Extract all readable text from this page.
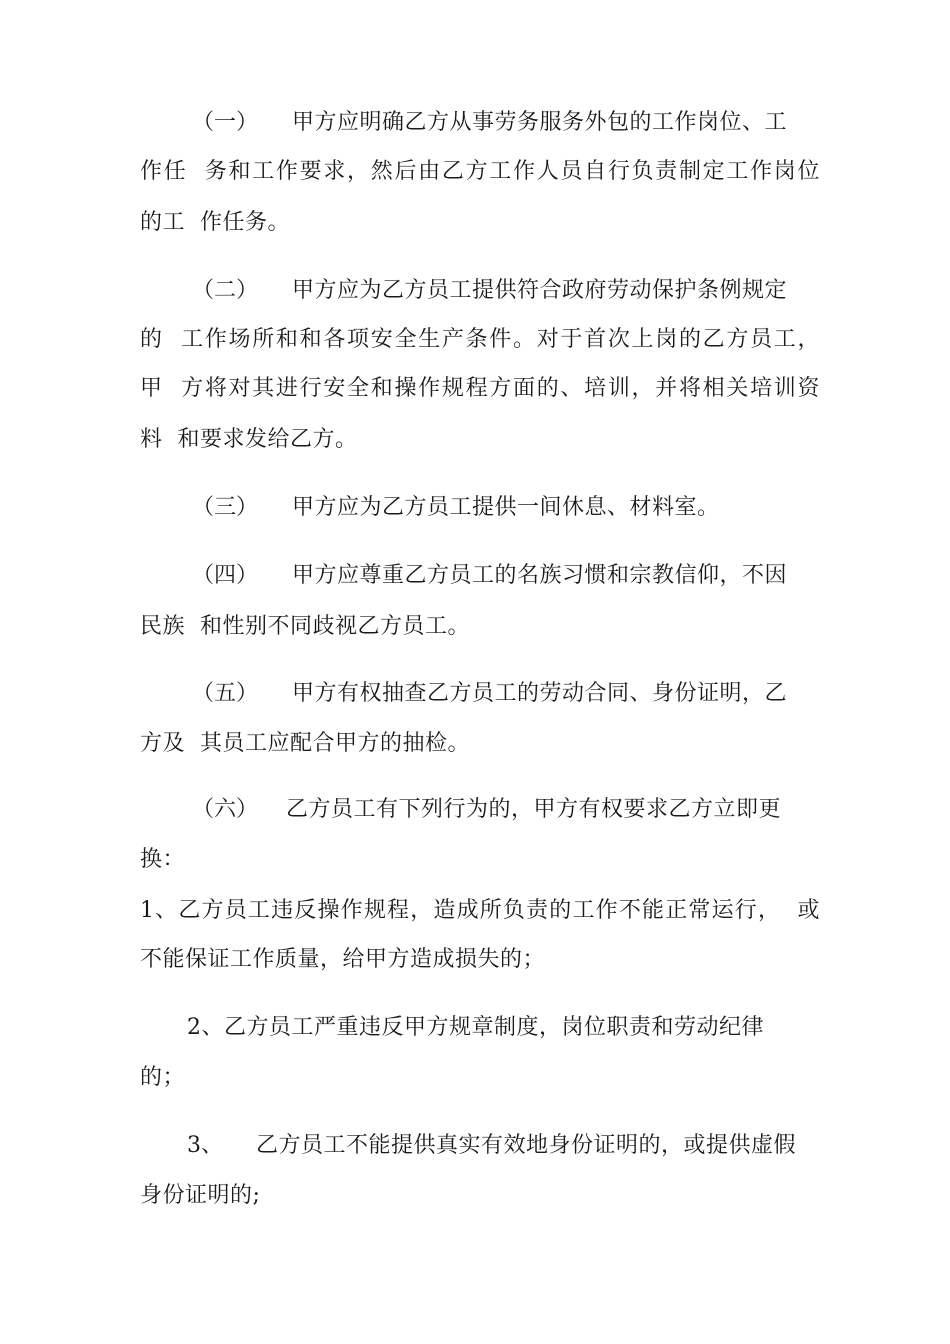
（一） 甲方应明确乙方从事劳务服务外包的工作岗位、工
作任  务和工作要求，然后由乙方工作人员自行负责制定工作岗位
的工  作任务。
（二） 甲方应为乙方员工提供符合政府劳动保护条例规定
的  工作场所和和各项安全生产条件。对于首次上岗的乙方员工，
甲  方将对其进行安全和操作规程方面的、培训，并将相关培训资
料  和要求发给乙方。
（三） 甲方应为乙方员工提供一间休息、材料室。
（四） 甲方应尊重乙方员工的名族习惯和宗教信仰，不因
民族  和性别不同歧视乙方员工。
（五） 甲方有权抽查乙方员工的劳动合同、身份证明，乙
方及  其员工应配合甲方的抽检。
（六） 乙方员工有下列行为的，甲方有权要求乙方立即更
换：
1、乙方员工违反操作规程，造成所负责的工作不能正常运行，  或
不能保证工作质量，给甲方造成损失的；
2、乙方员工严重违反甲方规章制度，岗位职责和劳动纪律
的；
3、 乙方员工不能提供真实有效地身份证明的，或提供虚假
身份证明的;
